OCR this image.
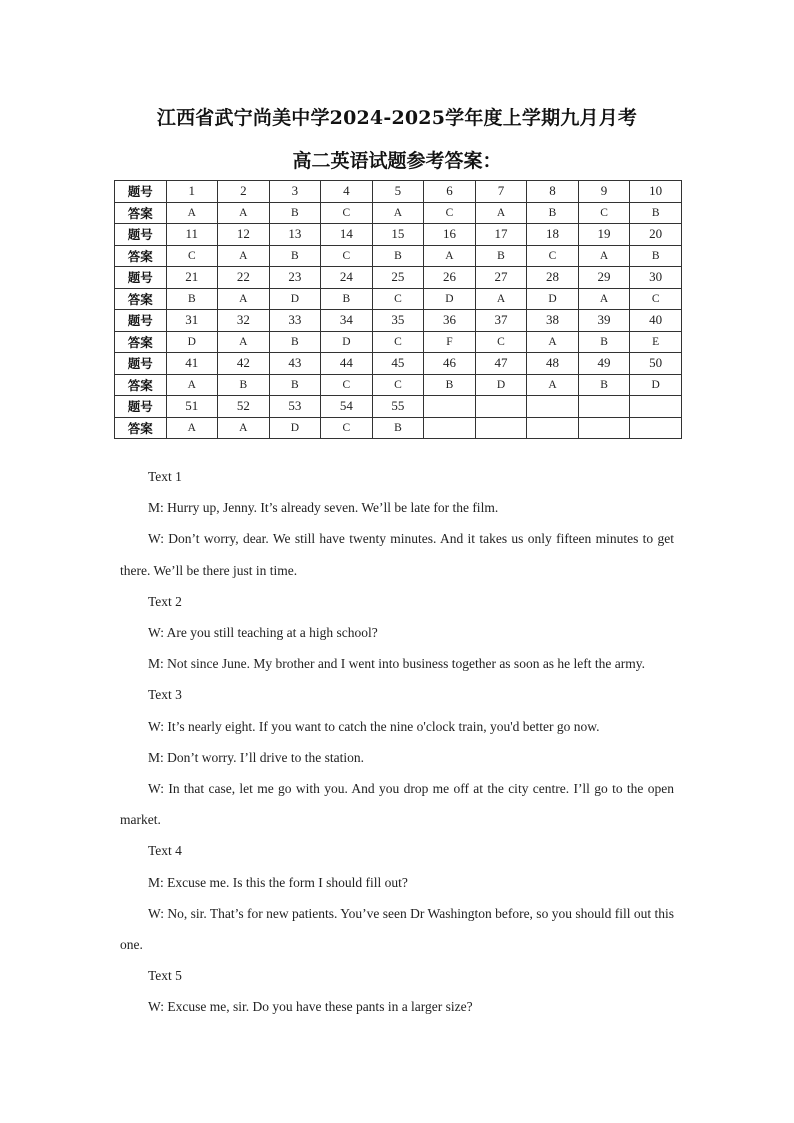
江西省武宁尚美中学2024-2025学年度上学期九月月考
高二英语试题参考答案：
题号	1	2	3	4	5	6	7	8	9	10
答案	A	A	B	C	A	C	A	B	C	B
题号	11	12	13	14	15	16	17	18	19	20
答案	C	A	B	C	B	A	B	C	A	B
题号	21	22	23	24	25	26	27	28	29	30
答案	B	A	D	B	C	D	A	D	A	C
题号	31	32	33	34	35	36	37	38	39	40
答案	D	A	B	D	C	F	C	A	B	E
题号	41	42	43	44	45	46	47	48	49	50
答案	A	B	B	C	C	B	D	A	B	D
题号	51	52	53	54	55					
答案	A	A	D	C	B					

Text 1

M: Hurry up, Jenny. It’s already seven. We’ll be late for the film.

W: Don’t worry, dear. We still have twenty minutes. And it takes us only fifteen minutes to get there. We’ll be there just in time.

Text 2

W: Are you still teaching at a high school?

M: Not since June. My brother and I went into business together as soon as he left the army.

Text 3

W: It’s nearly eight. If you want to catch the nine o'clock train, you'd better go now.

M: Don’t worry. I’ll drive to the station.

W: In that case, let me go with you. And you drop me off at the city centre. I’ll go to the open market.

Text 4

M: Excuse me. Is this the form I should fill out?

W: No, sir. That’s for new patients. You’ve seen Dr Washington before, so you should fill out this one.

Text 5

W: Excuse me, sir. Do you have these pants in a larger size?
